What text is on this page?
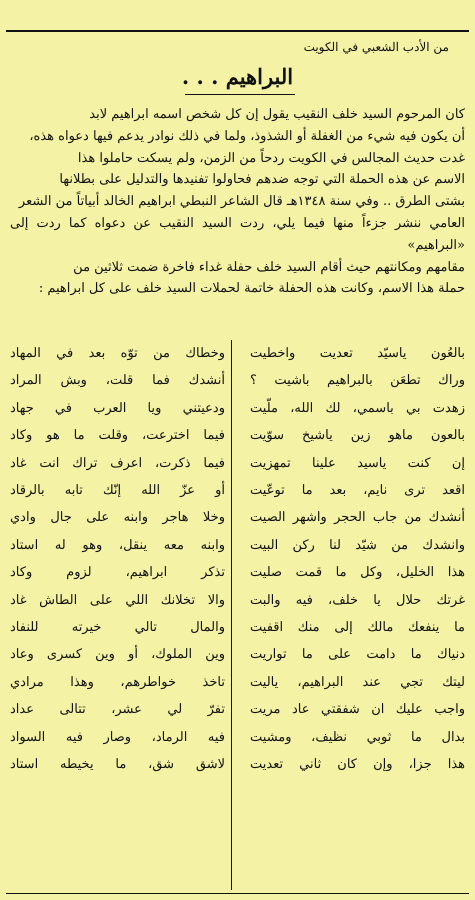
من الأدب الشعبي في الكويت
البراهيم . . .

كان المرحوم السيد خلف النقيب يقول إن كل شخص اسمه ابراهيم لابد

أن يكون فيه شيء من الغفلة أو الشذوذ، ولما في ذلك نوادر يدعم فيها دعواه هذه،

غدت حديث المجالس في الكويت ردحاً من الزمن، ولم يسكت حاملوا هذا

الاسم عن هذه الحملة التي توجه ضدهم فحاولوا تفنيدها والتدليل على بطلانها

بشتى الطرق .. وفي سنة ١٣٤٨هـ قال الشاعر النبطي ابراهيم الخالد أبياتاً من الشعر

العامي ننشر جزءاً منها فيما يلي، ردت السيد النقيب عن دعواه كما ردت إلى «البراهيم»

مقامهم ومكانتهم حيث أقام السيد خلف حفلة غداء فاخرة ضمت ثلاثين من

حملة هذا الاسم، وكانت هذه الحفلة خاتمة لحملات السيد خلف على كل ابراهيم :

بالعُون ياسيّد تعديت واخطيت
وراك تطعَن بالبراهيم باشيت ؟
زهدت بي باسمي، لك الله، ملّيت
بالعون ماهو زين ياشيخ سوّيت
إن كنت ياسيد علينا تمهزيت
اقعد ترى نايم، بعد ما توعّيت
أنشدك من جاب الحجر واشهر الصيت
وانشدك من شيّد لنا ركن البيت
هذا الخليل، وكل ما قمت صليت
غرتك حلال يا خلف، فيه والبت
ما ينفعك مالك إلى منك اقفيت
دنياك ما دامت على ما تواريت
ليتك تجي عند البراهيم، ياليت
واجب عليك ان شفقتي عاد مريت
بدال ما ثوبي نظيف، ومشيت
هذا جزا، وإن كان ثاني تعديت
وخطاك من توّه بعد في المهاد
أنشدك فما قلت، وبش المراد
ودعيتني ويا العرب في جهاد
فيما اخترعت، وقلت ما هو وكاد
فيما ذكرت، اعرف تراك انت غاد
أو عزّ الله إنّك تابه بالرقاد
وخلا هاجر وابنه على جال وادي
وابنه معه ينقل، وهو له استاد
تذكر ابراهيم، لزوم وكاد
والا تخلانك اللي على الطاش غاد
والمال تالي خيرته للنفاد
وين الملوك، أو وين كسرى وعاد
تاخذ خواطرهم، وهذا مرادي
تفرّ لي عشر، تتالى عداد
فيه الرماد، وصار فيه السواد
لاشق شق، ما يخيطه استاد
